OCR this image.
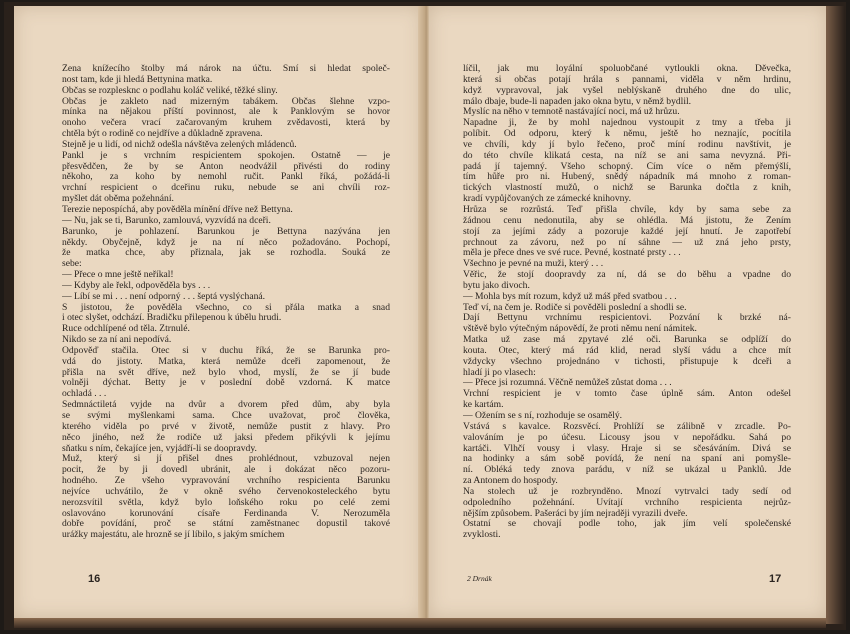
Žena knížecího štolby má nárok na účtu. Smí si hledat společ-
nost tam, kde ji hledá Bettynina matka.
Občas se rozplesknc o podlahu koláč veliké, těžké sliny.
Občas je zakleto nad mizerným tabákem. Občas šlehne vzpo-
mínka na nějakou příští povinnost, ale k Panklovým se hovor
onoho večera vrací začarovaným kruhem zvědavosti, která by
chtěla být o rodině co nejdříve a důkladně zpravena.
Stejně je u lidí, od nichž odešla návštěva zelených mládenců.
Pankl je s vrchním respicientem spokojen. Ostatně — je
přesvědčen, že by se Anton neodvážil přivésti do rodiny
někoho, za koho by nemohl ručit. Pankl říká, požádá-li
vrchní respicient o dceřinu ruku, nebude se ani chvíli roz-
myšlet dát oběma požehnání.
Terezie nepospíchá, aby pověděla mínění dříve než Bettyna.
— Nu, jak se ti, Barunko, zamlouvá, vyzvídá na dceři.
Barunko, je pohlazení. Barunkou je Bettyna nazývána jen
někdy. Obyčejně, když je na ní něco požadováno. Pochopí,
že matka chce, aby přiznala, jak se rozhodla. Souká ze
sebe:
— Přece o mne ještě neříkal!
— Kdyby ale řekl, odpověděla bys . . .
— Líbí se mi . . . není odporný . . . šeptá vyslýchaná.
S jistotou, že pověděla všechno, co si přála matka a snad
i otec slyšet, odchází. Bradičku přilepenou k úbělu hrudi.
Ruce odchlípené od těla. Ztrnulé.
Nikdo se za ní ani nepodívá.
Odpověď stačila. Otec si v duchu říká, že se Barunka pro-
vdá do jistoty. Matka, která nemůže dceři zapomenout, že
přišla na svět dříve, než bylo vhod, myslí, že se jí bude
volněji dýchat. Betty je v poslední době vzdorná. K matce
ochladá . . .
Sedmnáctiletá vyjde na dvůr a dvorem před dům, aby byla
se svými myšlenkami sama. Chce uvažovat, proč člověka,
kterého viděla po prvé v životě, nemůže pustit z hlavy. Pro
něco jiného, než že rodiče už jaksi předem přikývli k jejímu
sňatku s ním, čekajíce jen, vyjádří-li se doopravdy.
Muž, který si jí přišel dnes prohlédnout, vzbuzoval nejen
pocit, že by ji dovedl ubránit, ale i dokázat něco pozoru-
hodného. Ze všeho vypravování vrchního respicienta Barunku
nejvíce uchvátilo, že v okně svého červenokosteleckého bytu
nerozsvítil světla, když bylo loňského roku po celé zemi
oslavováno korunování císaře Ferdinanda V. Nerozuměla
dobře povídání, proč se státní zaměstnanec dopustil takové
urážky majestátu, ale hrozně se jí líbilo, s jakým smíchem
16
líčil, jak mu loyální spoluobčané vytloukli okna. Děvečka,
která si občas potají hrála s pannami, viděla v něm hrdinu,
když vypravoval, jak vyšel neblýskaně druhého dne do ulic,
málo dbaje, bude-li napaden jako okna bytu, v němž bydlil.
Myslíc na něho v temnotě nastávající noci, má už hrůzu.
Napadne ji, že by mohl najednou vystoupit z tmy a třeba ji
políbit. Od odporu, který k němu, ještě ho neznajíc, pocítila
ve chvíli, kdy jí bylo řečeno, proč míní rodinu navštívit, je
do této chvíle klikatá cesta, na níž se ani sama nevyzná. Při-
padá jí tajemný. Všeho schopný. Čím více o něm přemýšlí,
tím hůře pro ni. Hubený, snědý nápadník má mnoho z roman-
tických vlastností mužů, o nichž se Barunka dočtla z knih,
kradí vypůjčovaných ze zámecké knihovny.
Hrůza se rozrůstá. Teď přišla chvíle, kdy by sama sebe za
žádnou cenu nedonutila, aby se ohlédla. Má jistotu, že Žením
stojí za jejími zády a pozoruje každé její hnutí. Je zapotřebí
prchnout za závoru, než po ní sáhne — už zná jeho prsty,
měla je přece dnes ve své ruce. Pevné, kostnaté prsty . . .
Všechno je pevné na muži, který . . .
Věřic, že stojí doopravdy za ní, dá se do běhu a vpadne do
bytu jako divoch.
— Mohla bys mít rozum, když už máš před svatbou . . .
Teď ví, na čem je. Rodiče si pověděli poslední a shodli se.
Dají Bettynu vrchnímu respicientovi. Pozvání k brzké ná-
vštěvě bylo výtečným nápovědí, že proti němu není námitek.
Matka už zase má zpytavé zlé oči. Barunka se odplíží do
kouta. Otec, který má rád klid, nerad slyší vádu a chce mít
vždycky všechno projednáno v tichosti, přistupuje k dceři a
hladí ji po vlasech:
— Přece jsi rozumná. Věčně nemůžeš zůstat doma . . .
Vrchní respicient je v tomto čase úplně sám. Anton odešel
ke kartám.
— Ožením se s ní, rozhoduje se osamělý.
Vstává s kavalce. Rozsvěcí. Prohlíží se zálibně v zrcadle. Po-
valováním je po účesu. Licousy jsou v nepořádku. Sahá po
kartáči. Vlhčí vousy i vlasy. Hraje si se sčesáváním. Divá se
na hodinky a sám sobě povídá, že není na spaní ani pomyšle-
ní. Obléká tedy znova parádu, v níž se ukázal u Panklů. Jde
za Antonem do hospody.
Na stolech už je rozbrynděno. Mnozí vytrvalci tady sedí od
odpoledního požehnání. Uvítají vrchního respicienta nejrůz-
nějším způsobem. Pašeráci by jím nejraději vyrazili dveře.
Ostatní se chovají podle toho, jak jím velí společenské
zvyklosti.
2 Drnák	17
